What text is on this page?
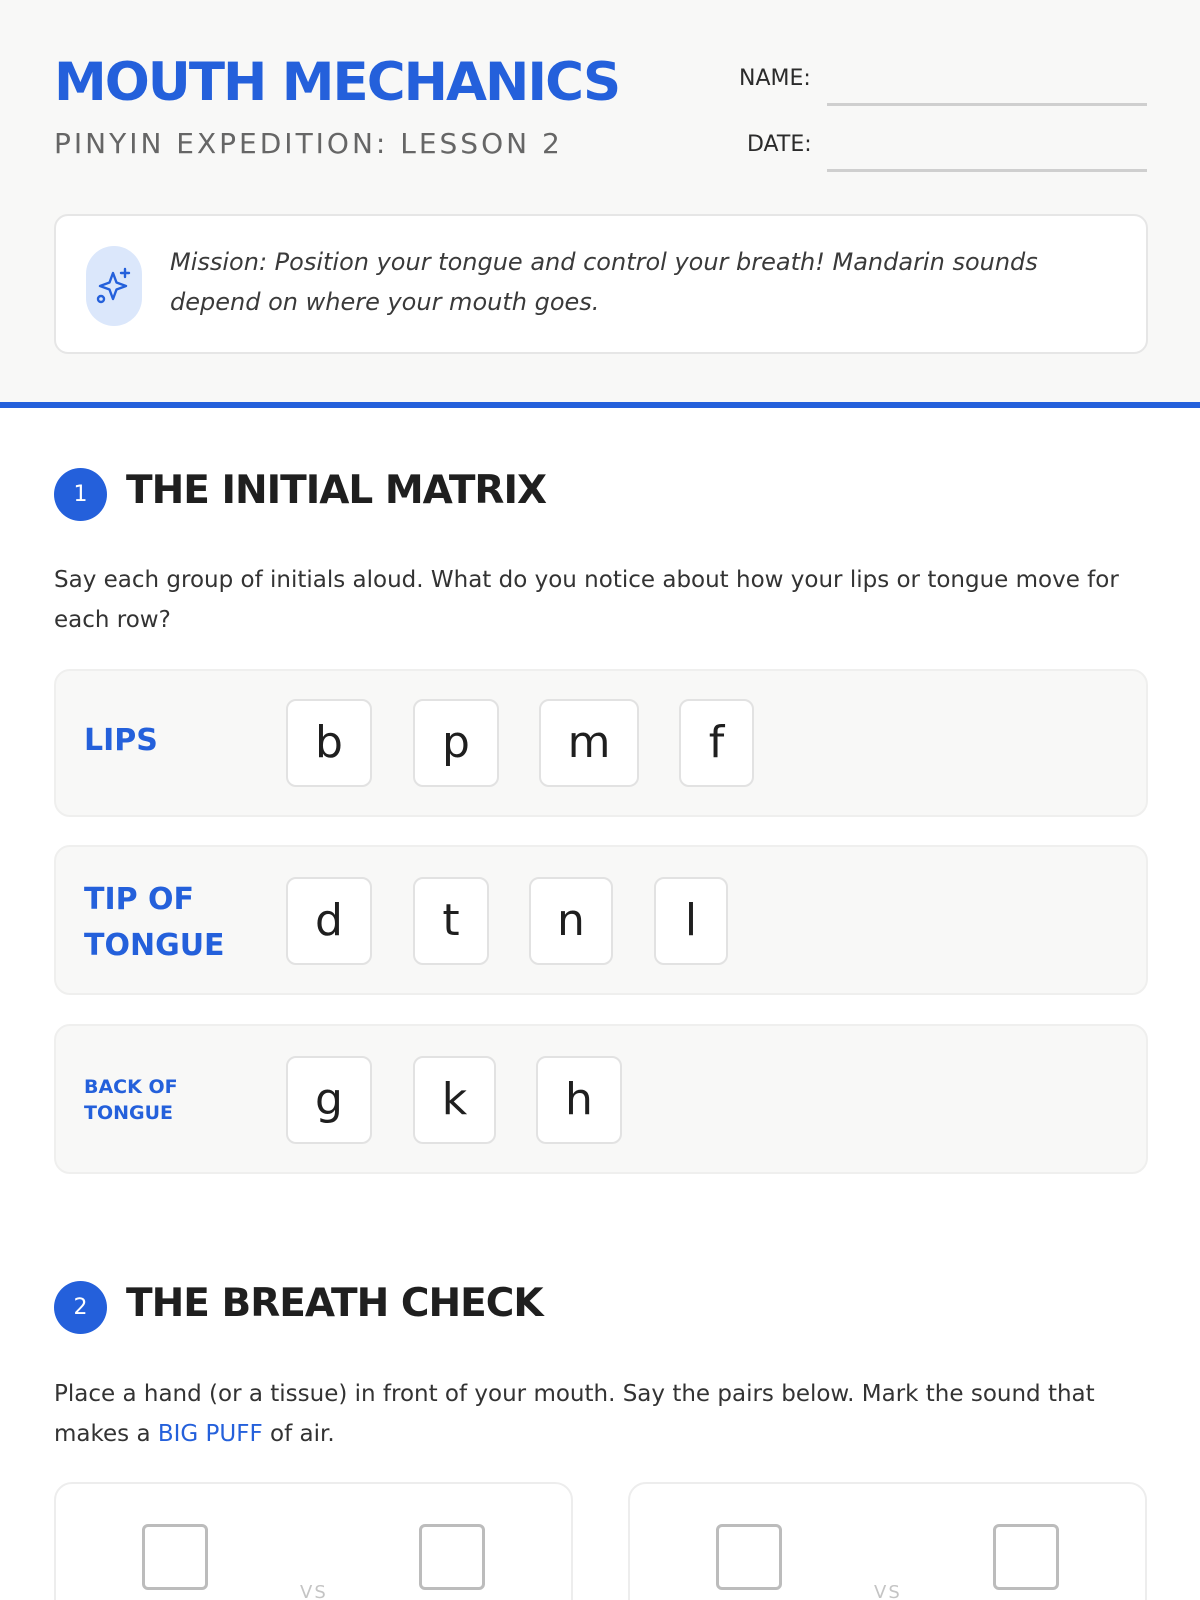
MOUTH MECHANICS
PINYIN EXPEDITION: LESSON 2
NAME:
DATE:
Mission: Position your tongue and control your breath! Mandarin sounds depend on where your mouth goes.
1 THE INITIAL MATRIX
Say each group of initials aloud. What do you notice about how your lips or tongue move for each row?
LIPS	b	p	m	f
TIP OF TONGUE	d	t	n	l
BACK OF TONGUE	g	k	h
2 THE BREATH CHECK
Place a hand (or a tissue) in front of your mouth. Say the pairs below. Mark the sound that makes a BIG PUFF of air.
VS	VS
